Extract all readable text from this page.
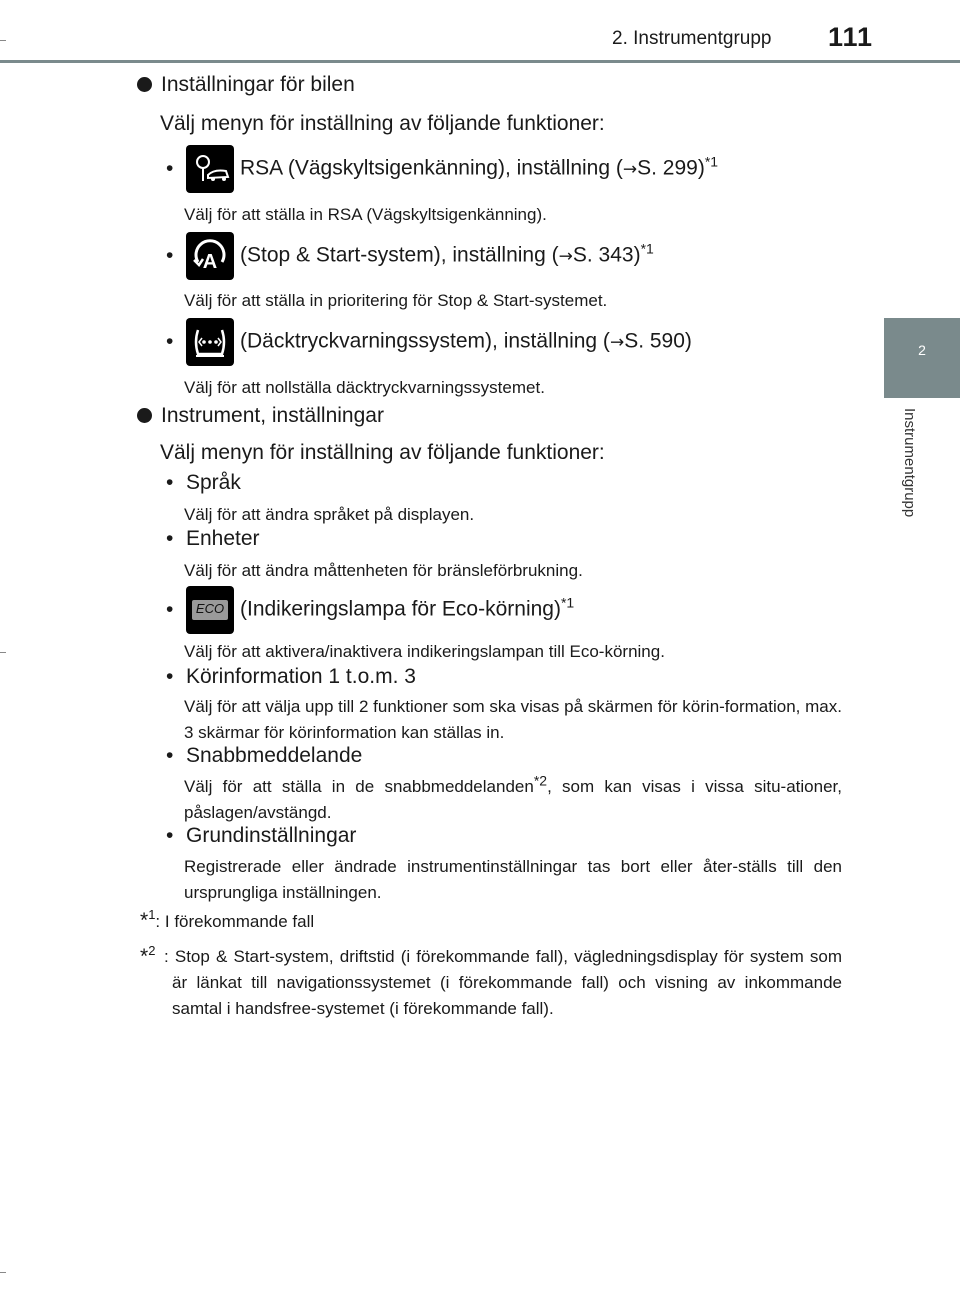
2. Instrumentgrupp 111
2
Instrumentgrupp
Inställningar för bilen
Välj menyn för inställning av följande funktioner:
•	RSA (Vägskyltsigenkänning), inställning (→S. 299)$^{*1}$
Välj för att ställa in RSA (Vägskyltsigenkänning).
• A (Stop & Start-system), inställning (→S. 343)$^{*1}$
Välj för att ställa in prioritering för Stop & Start-systemet.
•	(Däcktryckvarningssystem), inställning (→S. 590)
Välj för att nollställa däcktryckvarningssystemet.
Instrument, inställningar
Välj menyn för inställning av följande funktioner:
• Språk
Välj för att ändra språket på displayen.
• Enheter
Välj för att ändra måttenheten för bränsleförbrukning.
•	ECO (Indikeringslampa för Eco-körning)$^{*1}$
Välj för att aktivera/inaktivera indikeringslampan till Eco-körning.
• Körinformation 1 t.o.m. 3
Välj för att välja upp till 2 funktioner som ska visas på skärmen för körin-formation, max. 3 skärmar för körinformation kan ställas in.
• Snabbmeddelande
Välj för att ställa in de snabbmeddelanden$^{*2}$, som kan visas i vissa situ-ationer, påslagen/avstängd.
• Grundinställningar
Registrerade eller ändrade instrumentinställningar tas bort eller åter-ställs till den ursprungliga inställningen.
*$^1$: I förekommande fall
*$^2$ : Stop & Start-system, driftstid (i förekommande fall), vägledningsdisplay för system som är länkat till navigationssystemet (i förekommande fall) och visning av inkommande samtal i handsfree-systemet (i förekommande fall).
